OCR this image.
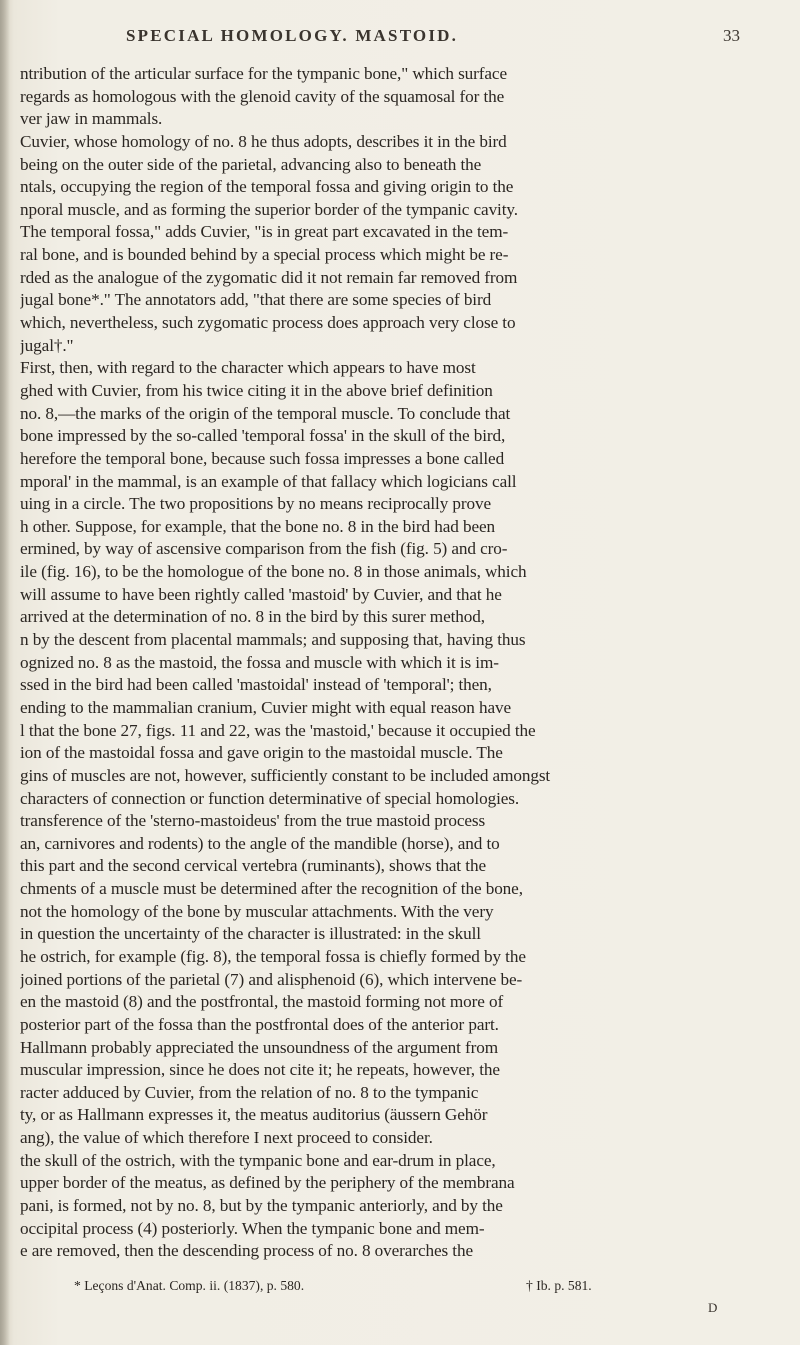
SPECIAL HOMOLOGY. MASTOID.	33
ntribution of the articular surface for the tympanic bone," which surface
regards as homologous with the glenoid cavity of the squamosal for the
ver jaw in mammals.
Cuvier, whose homology of no. 8 he thus adopts, describes it in the bird
being on the outer side of the parietal, advancing also to beneath the
ntals, occupying the region of the temporal fossa and giving origin to the
nporal muscle, and as forming the superior border of the tympanic cavity.
The temporal fossa," adds Cuvier, "is in great part excavated in the tem-
ral bone, and is bounded behind by a special process which might be re-
rded as the analogue of the zygomatic did it not remain far removed from
jugal bone*." The annotators add, "that there are some species of bird
which, nevertheless, such zygomatic process does approach very close to
jugal†."
First, then, with regard to the character which appears to have most
ghed with Cuvier, from his twice citing it in the above brief definition
no. 8,—the marks of the origin of the temporal muscle. To conclude that
bone impressed by the so-called 'temporal fossa' in the skull of the bird,
herefore the temporal bone, because such fossa impresses a bone called
mporal' in the mammal, is an example of that fallacy which logicians call
uing in a circle. The two propositions by no means reciprocally prove
h other. Suppose, for example, that the bone no. 8 in the bird had been
ermined, by way of ascensive comparison from the fish (fig. 5) and cro-
ile (fig. 16), to be the homologue of the bone no. 8 in those animals, which
will assume to have been rightly called 'mastoid' by Cuvier, and that he
arrived at the determination of no. 8 in the bird by this surer method,
n by the descent from placental mammals; and supposing that, having thus
ognized no. 8 as the mastoid, the fossa and muscle with which it is im-
ssed in the bird had been called 'mastoidal' instead of 'temporal'; then,
ending to the mammalian cranium, Cuvier might with equal reason have
l that the bone 27, figs. 11 and 22, was the 'mastoid,' because it occupied the
ion of the mastoidal fossa and gave origin to the mastoidal muscle. The
gins of muscles are not, however, sufficiently constant to be included amongst
characters of connection or function determinative of special homologies.
transference of the 'sterno-mastoideus' from the true mastoid process
an, carnivores and rodents) to the angle of the mandible (horse), and to
this part and the second cervical vertebra (ruminants), shows that the
chments of a muscle must be determined after the recognition of the bone,
not the homology of the bone by muscular attachments. With the very
in question the uncertainty of the character is illustrated: in the skull
he ostrich, for example (fig. 8), the temporal fossa is chiefly formed by the
joined portions of the parietal (7) and alisphenoid (6), which intervene be-
en the mastoid (8) and the postfrontal, the mastoid forming not more of
posterior part of the fossa than the postfrontal does of the anterior part.
Hallmann probably appreciated the unsoundness of the argument from
muscular impression, since he does not cite it; he repeats, however, the
racter adduced by Cuvier, from the relation of no. 8 to the tympanic
ty, or as Hallmann expresses it, the meatus auditorius (äussern Gehör
ang), the value of which therefore I next proceed to consider.
the skull of the ostrich, with the tympanic bone and ear-drum in place,
upper border of the meatus, as defined by the periphery of the membrana
pani, is formed, not by no. 8, but by the tympanic anteriorly, and by the
occipital process (4) posteriorly. When the tympanic bone and mem-
e are removed, then the descending process of no. 8 overarches the
* Leçons d'Anat. Comp. ii. (1837), p. 580.	† Ib. p. 581.
D
